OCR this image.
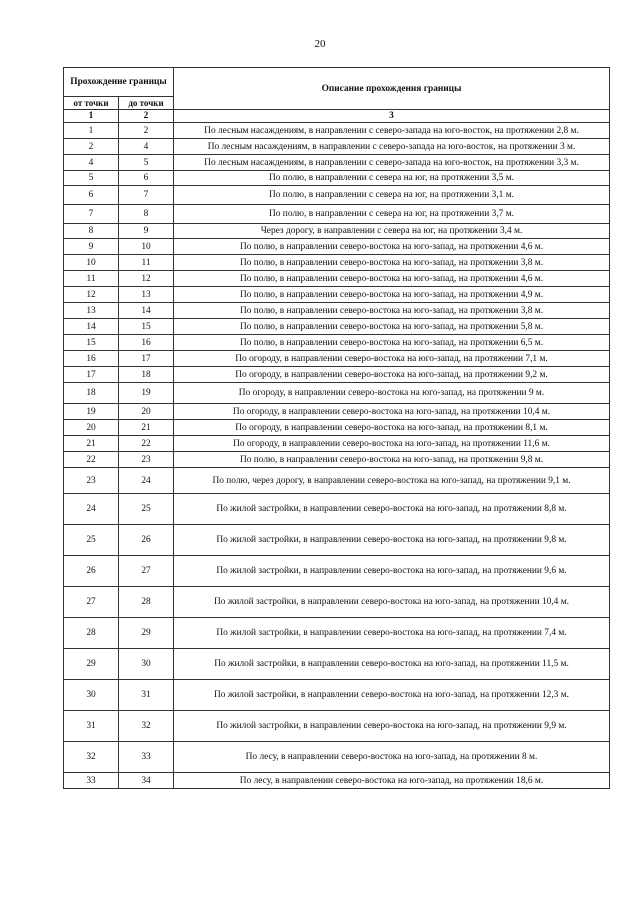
20
Прохождение границы		Описание прохождения границы
от точки	до точки	
1	2	3
1	2	По лесным насаждениям, в направлении с северо-запада на юго-восток, на протяжении 2,8 м.
2	4	По лесным насаждениям, в направлении с северо-запада на юго-восток, на протяжении 3 м.
4	5	По лесным насаждениям, в направлении с северо-запада на юго-восток, на протяжении 3,3 м.
5	6	По полю, в направлении с севера на юг, на протяжении 3,5 м.
6	7	По полю, в направлении с севера на юг, на протяжении 3,1 м.
7	8	По полю, в направлении с севера на юг, на протяжении 3,7 м.
8	9	Через дорогу, в направлении с севера на юг, на протяжении 3,4 м.
9	10	По полю, в направлении северо-востока на юго-запад, на протяжении 4,6 м.
10	11	По полю, в направлении северо-востока на юго-запад, на протяжении 3,8 м.
11	12	По полю, в направлении северо-востока на юго-запад, на протяжении 4,6 м.
12	13	По полю, в направлении северо-востока на юго-запад, на протяжении 4,9 м.
13	14	По полю, в направлении северо-востока на юго-запад, на протяжении 3,8 м.
14	15	По полю, в направлении северо-востока на юго-запад, на протяжении 5,8 м.
15	16	По полю, в направлении северо-востока на юго-запад, на протяжении 6,5 м.
16	17	По огороду, в направлении северо-востока на юго-запад, на протяжении 7,1 м.
17	18	По огороду, в направлении северо-востока на юго-запад, на протяжении 9,2 м.
18	19	По огороду, в направлении северо-востока на юго-запад, на протяжении 9 м.
19	20	По огороду, в направлении северо-востока на юго-запад, на протяжении 10,4 м.
20	21	По огороду, в направлении северо-востока на юго-запад, на протяжении 8,1 м.
21	22	По огороду, в направлении северо-востока на юго-запад, на протяжении 11,6 м.
22	23	По полю, в направлении северо-востока на юго-запад, на протяжении 9,8 м.
23	24	По полю, через дорогу, в направлении северо-востока на юго-запад, на протяжении 9,1 м.
24	25	По жилой застройки, в направлении северо-востока на юго-запад, на протяжении 8,8 м.
25	26	По жилой застройки, в направлении северо-востока на юго-запад, на протяжении 9,8 м.
26	27	По жилой застройки, в направлении северо-востока на юго-запад, на протяжении 9,6 м.
27	28	По жилой застройки, в направлении северо-востока на юго-запад, на протяжении 10,4 м.
28	29	По жилой застройки, в направлении северо-востока на юго-запад, на протяжении 7,4 м.
29	30	По жилой застройки, в направлении северо-востока на юго-запад, на протяжении 11,5 м.
30	31	По жилой застройки, в направлении северо-востока на юго-запад, на протяжении 12,3 м.
31	32	По жилой застройки, в направлении северо-востока на юго-запад, на протяжении 9,9 м.
32	33	По лесу, в направлении северо-востока на юго-запад, на протяжении 8 м.
33	34	По лесу, в направлении северо-востока на юго-запад, на протяжении 18,6 м.
